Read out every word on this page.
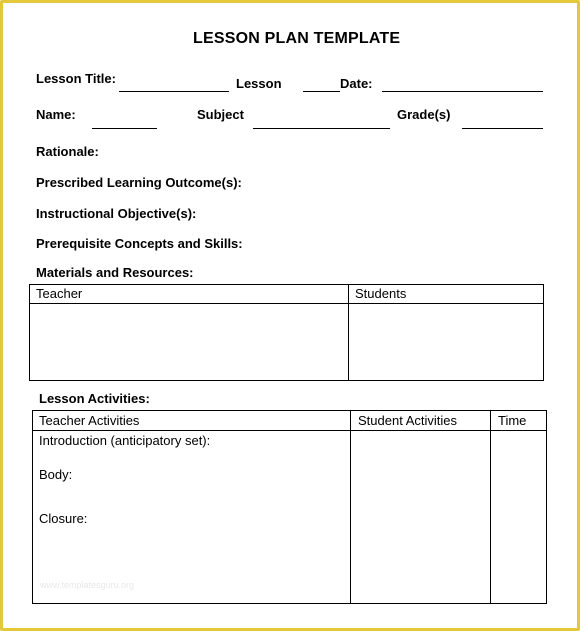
LESSON PLAN TEMPLATE
Lesson Title:	Lesson	Date:
Name:	Subject	Grade(s)
Rationale:
Prescribed Learning Outcome(s):
Instructional Objective(s):
Prerequisite Concepts and Skills:
Materials and Resources:
Teacher	Students
Lesson Activities:
Teacher Activities	Student Activities	Time
Introduction (anticipatory set):
Body:
Closure:
www.templatesguru.org
